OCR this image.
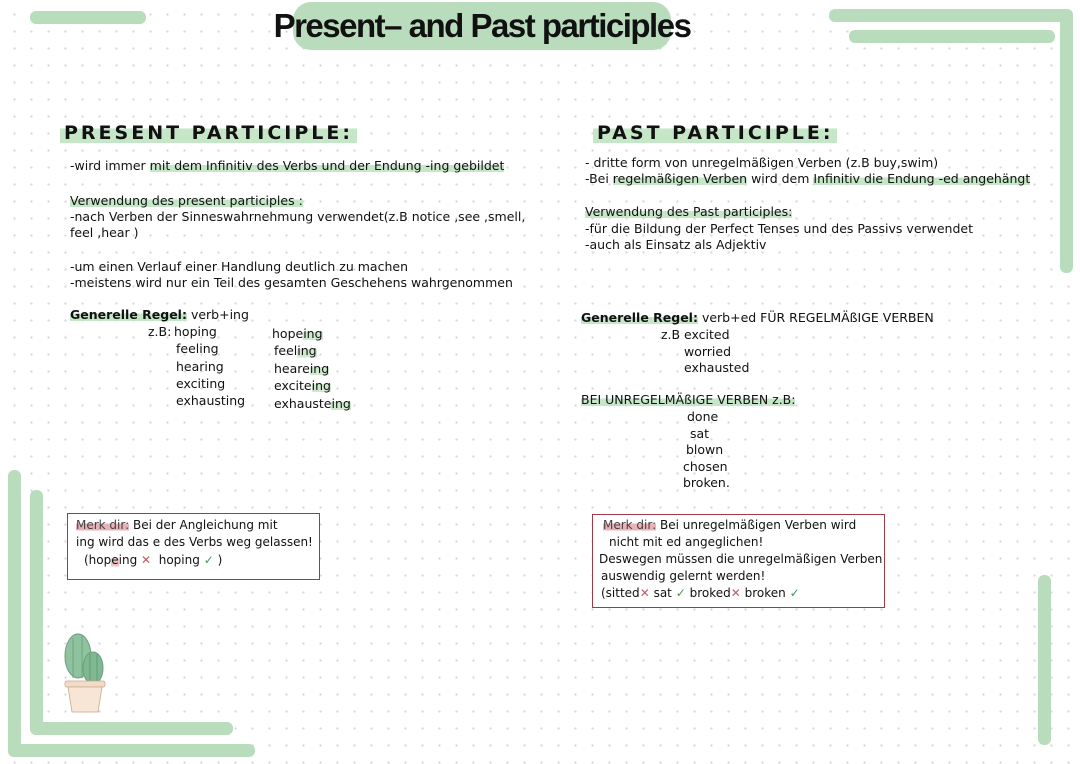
Present– and Past participles
PRESENT PARTICIPLE:
-wird immer mit dem Infinitiv des Verbs und der Endung -ing gebildet
Verwendung des present participles :
-nach Verben der Sinneswahrnehmung verwendet(z.B notice ,see ,smell,
feel ,hear )
-um einen Verlauf einer Handlung deutlich zu machen
-meistens wird nur ein Teil des gesamten Geschehens wahrgenommen
Generelle Regel: verb+ing
z.B: hoping
feeling
hearing
exciting
exhausting
hopeing
feeling
heareing
exciteing
exhausteing
Merk dir: Bei der Angleichung mit
ing wird das e des Verbs weg gelassen!
(hopeing ✕ hoping ✓ )
PAST PARTICIPLE:
- dritte form von unregelmäßigen Verben (z.B buy,swim)
-Bei regelmäßigen Verben wird dem Infinitiv die Endung -ed angehängt
Verwendung des Past participles:
-für die Bildung der Perfect Tenses und des Passivs verwendet
-auch als Einsatz als Adjektiv
Generelle Regel: verb+ed FÜR REGELMÄßIGE VERBEN
z.B excited
worried
exhausted
BEI UNREGELMÄßIGE VERBEN z.B:
done
sat
blown
chosen
broken.
Merk dir: Bei unregelmäßigen Verben wird
nicht mit ed angeglichen!
Deswegen müssen die unregelmäßigen Verben
auswendig gelernt werden!
(sitted✕ sat ✓ broked✕ broken ✓
